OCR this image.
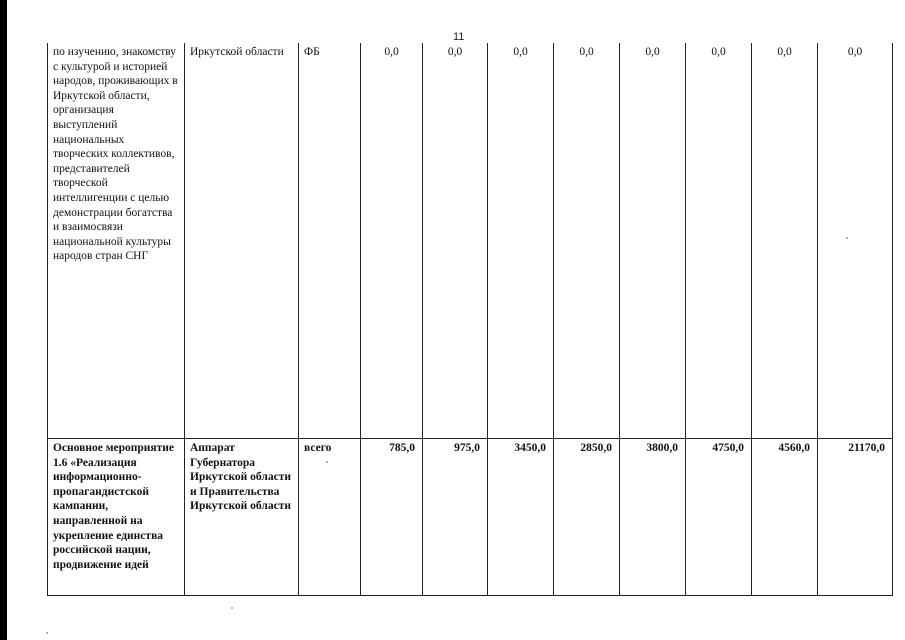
11
по изучению, знакомству с культурой и историей народов, проживающих в Иркутской области, организация выступлений национальных творческих коллективов, представителей творческой интеллигенции с целью демонстрации богатства и взаимосвязи национальной культуры народов стран СНГ	Иркутской области	ФБ	0,0	0,0	0,0	0,0	0,0	0,0	0,0	0,0
Основное мероприятие 1.6 «Реализация информационно-пропагандистской кампании, направленной на укрепление единства российской нации, продвижение идей	Аппарат Губернатора Иркутской области и Правительства Иркутской области	всего	785,0	975,0	3450,0	2850,0	3800,0	4750,0	4560,0	21170,0
